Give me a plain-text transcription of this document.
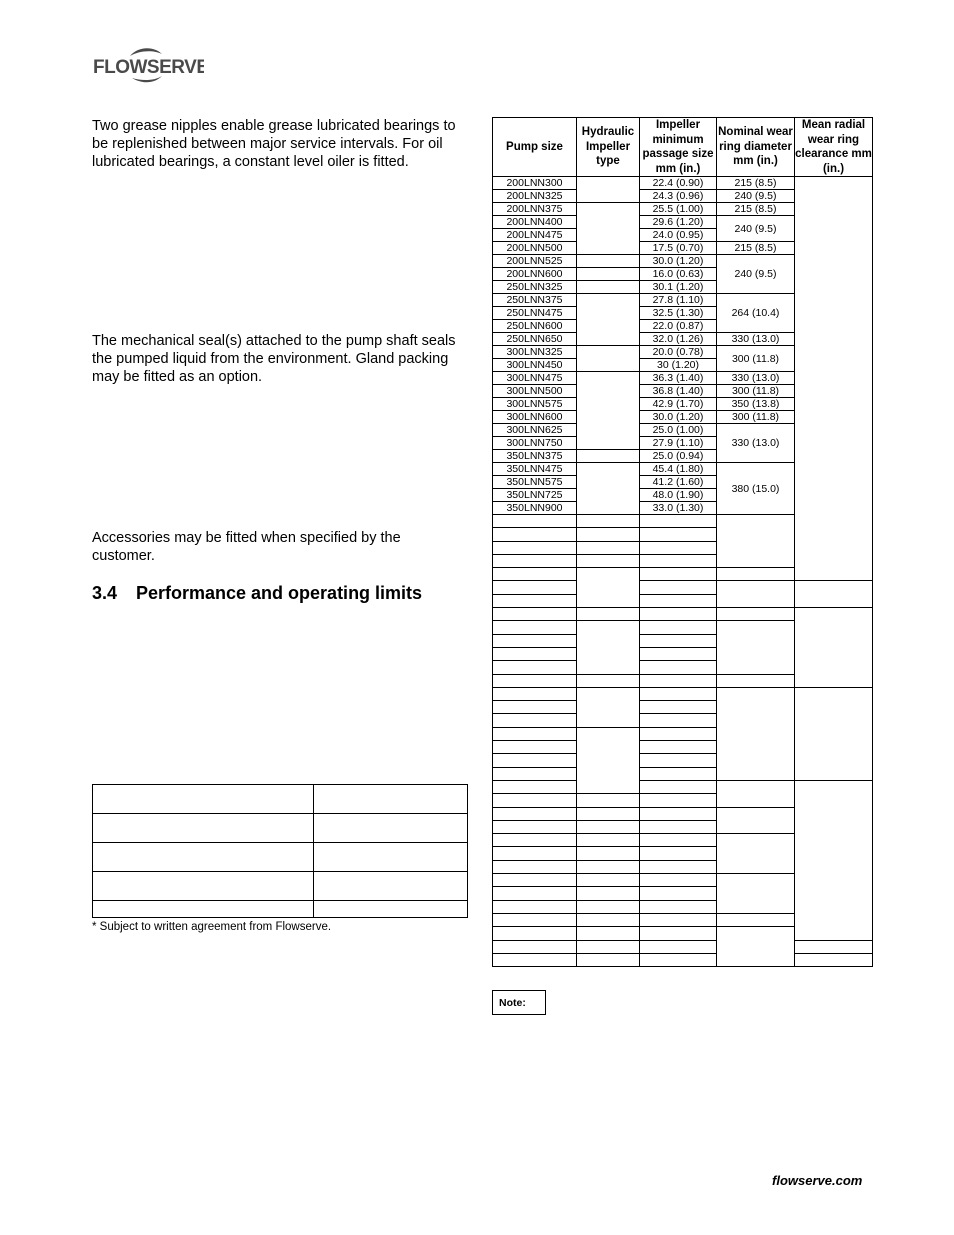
FLOWSERVE
Two grease nipples enable grease lubricated bearings to be replenished between major service intervals. For oil lubricated bearings, a constant level oiler is fitted.
The mechanical seal(s) attached to the pump shaft seals the pumped liquid from the environment. Gland packing may be fitted as an option.
Accessories may be fitted when specified by the customer.
3.4 Performance and operating limits

* Subject to written agreement from Flowserve.
Pump size	Hydraulic Impeller type	Impeller minimum passage size mm (in.)	Nominal wear ring diameter mm (in.)	Mean radial wear ring clearance mm (in.)	
200LNN300		22.4 (0.90)	215 (8.5)		
200LNN325		24.3 (0.96)	240 (9.5)		
200LNN375		25.5 (1.00)	215 (8.5)		
200LNN400		29.6 (1.20)	240 (9.5)		
200LNN475		24.0 (0.95)			
200LNN500		17.5 (0.70)	215 (8.5)		
200LNN525		30.0 (1.20)	240 (9.5)		
200LNN600		16.0 (0.63)			
250LNN325		30.1 (1.20)			
250LNN375		27.8 (1.10)	264 (10.4)		
250LNN475		32.5 (1.30)			
250LNN600		22.0 (0.87)			
250LNN650		32.0 (1.26)	330 (13.0)		
300LNN325		20.0 (0.78)	300 (11.8)		
300LNN450		30 (1.20)			
300LNN475		36.3 (1.40)	330 (13.0)		
300LNN500		36.8 (1.40)	300 (11.8)		
300LNN575		42.9 (1.70)	350 (13.8)		
300LNN600		30.0 (1.20)	300 (11.8)		
300LNN625		25.0 (1.00)	330 (13.0)		
300LNN750		27.9 (1.10)			
350LNN375		25.0 (0.94)			
350LNN475		45.4 (1.80)	380 (15.0)		
350LNN575		41.2 (1.60)			
350LNN725		48.0 (1.90)			
350LNN900		33.0 (1.30)			

Note:
flowserve.com
